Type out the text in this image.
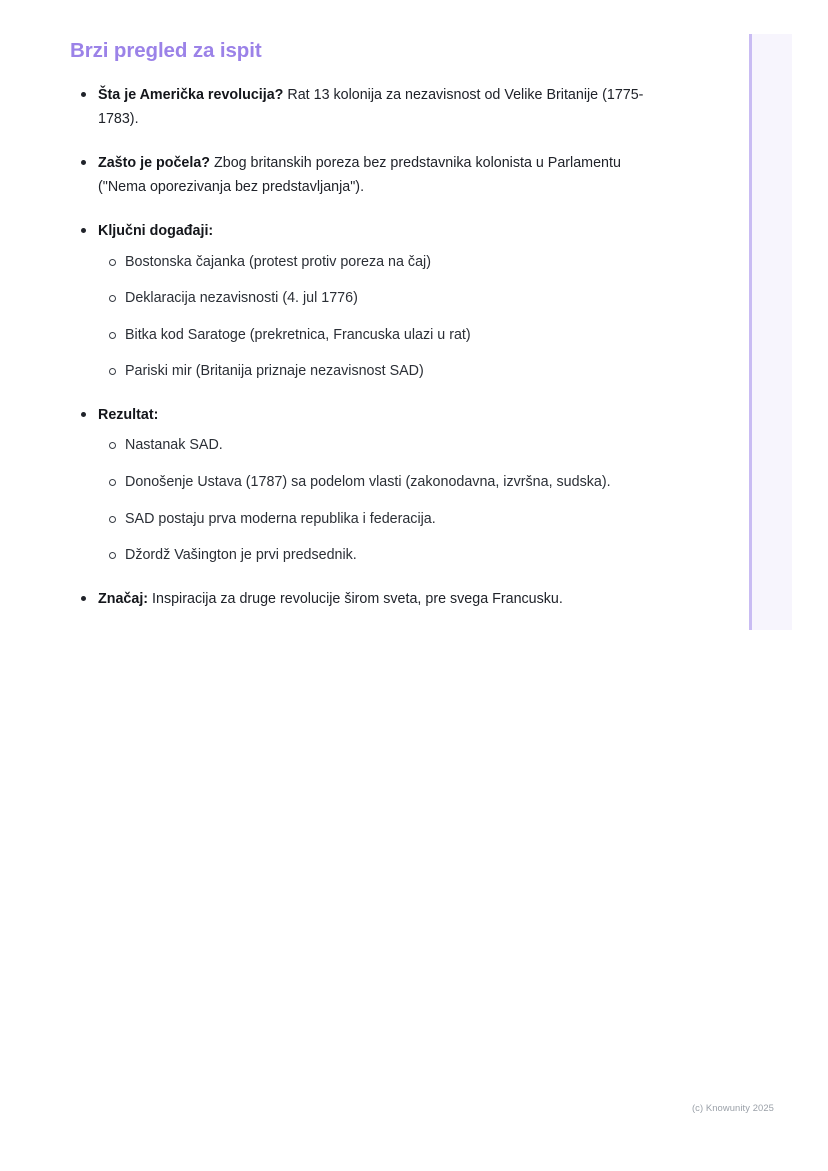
Brzi pregled za ispit
Šta je Američka revolucija? Rat 13 kolonija za nezavisnost od Velike Britanije (1775-1783).
Zašto je počela? Zbog britanskih poreza bez predstavnika kolonista u Parlamentu ("Nema oporezivanja bez predstavljanja").
Ključni događaji:
Bostonska čajanka (protest protiv poreza na čaj)
Deklaracija nezavisnosti (4. jul 1776)
Bitka kod Saratoge (prekretnica, Francuska ulazi u rat)
Pariski mir (Britanija priznaje nezavisnost SAD)
Rezultat:
Nastanak SAD.
Donošenje Ustava (1787) sa podelom vlasti (zakonodavna, izvršna, sudska).
SAD postaju prva moderna republika i federacija.
Džordž Vašington je prvi predsednik.
Značaj: Inspiracija za druge revolucije širom sveta, pre svega Francusku.
(c) Knowunity 2025
